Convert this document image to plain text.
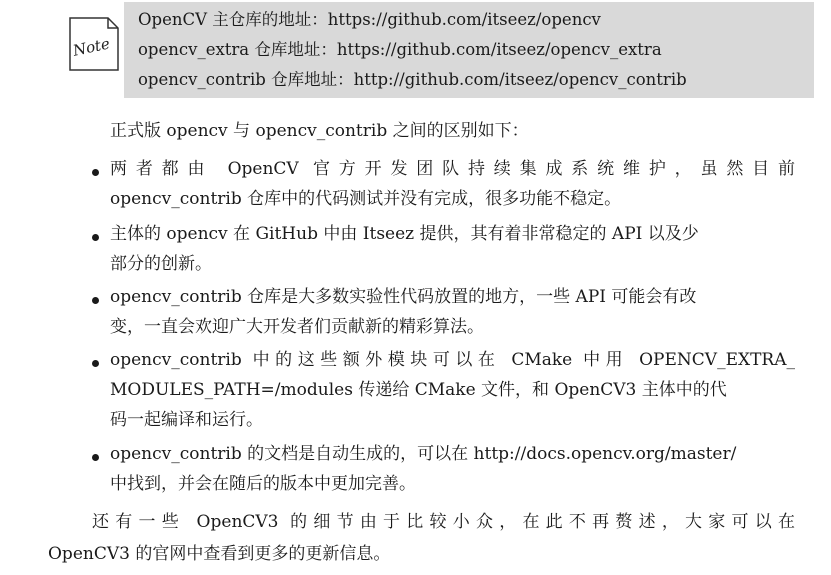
Note
OpenCV 主仓库的地址：https://github.com/itseez/opencv
opencv_extra 仓库地址：https://github.com/itseez/opencv_extra
opencv_contrib 仓库地址：http://github.com/itseez/opencv_contrib
正式版 opencv 与 opencv_contrib 之间的区别如下：
两者都由 OpenCV 官方开发团队持续集成系统维护，虽然目前
opencv_contrib 仓库中的代码测试并没有完成，很多功能不稳定。
主体的 opencv 在 GitHub 中由 Itseez 提供，其有着非常稳定的 API 以及少
部分的创新。
opencv_contrib 仓库是大多数实验性代码放置的地方，一些 API 可能会有改
变，一直会欢迎广大开发者们贡献新的精彩算法。
opencv_contrib 中的这些额外模块可以在 CMake 中用 OPENCV_EXTRA_
MODULES_PATH=/modules 传递给 CMake 文件，和 OpenCV3 主体中的代
码一起编译和运行。
opencv_contrib 的文档是自动生成的，可以在 http://docs.opencv.org/master/
中找到，并会在随后的版本中更加完善。
还有一些 OpenCV3 的细节由于比较小众，在此不再赘述，大家可以在
OpenCV3 的官网中查看到更多的更新信息。
